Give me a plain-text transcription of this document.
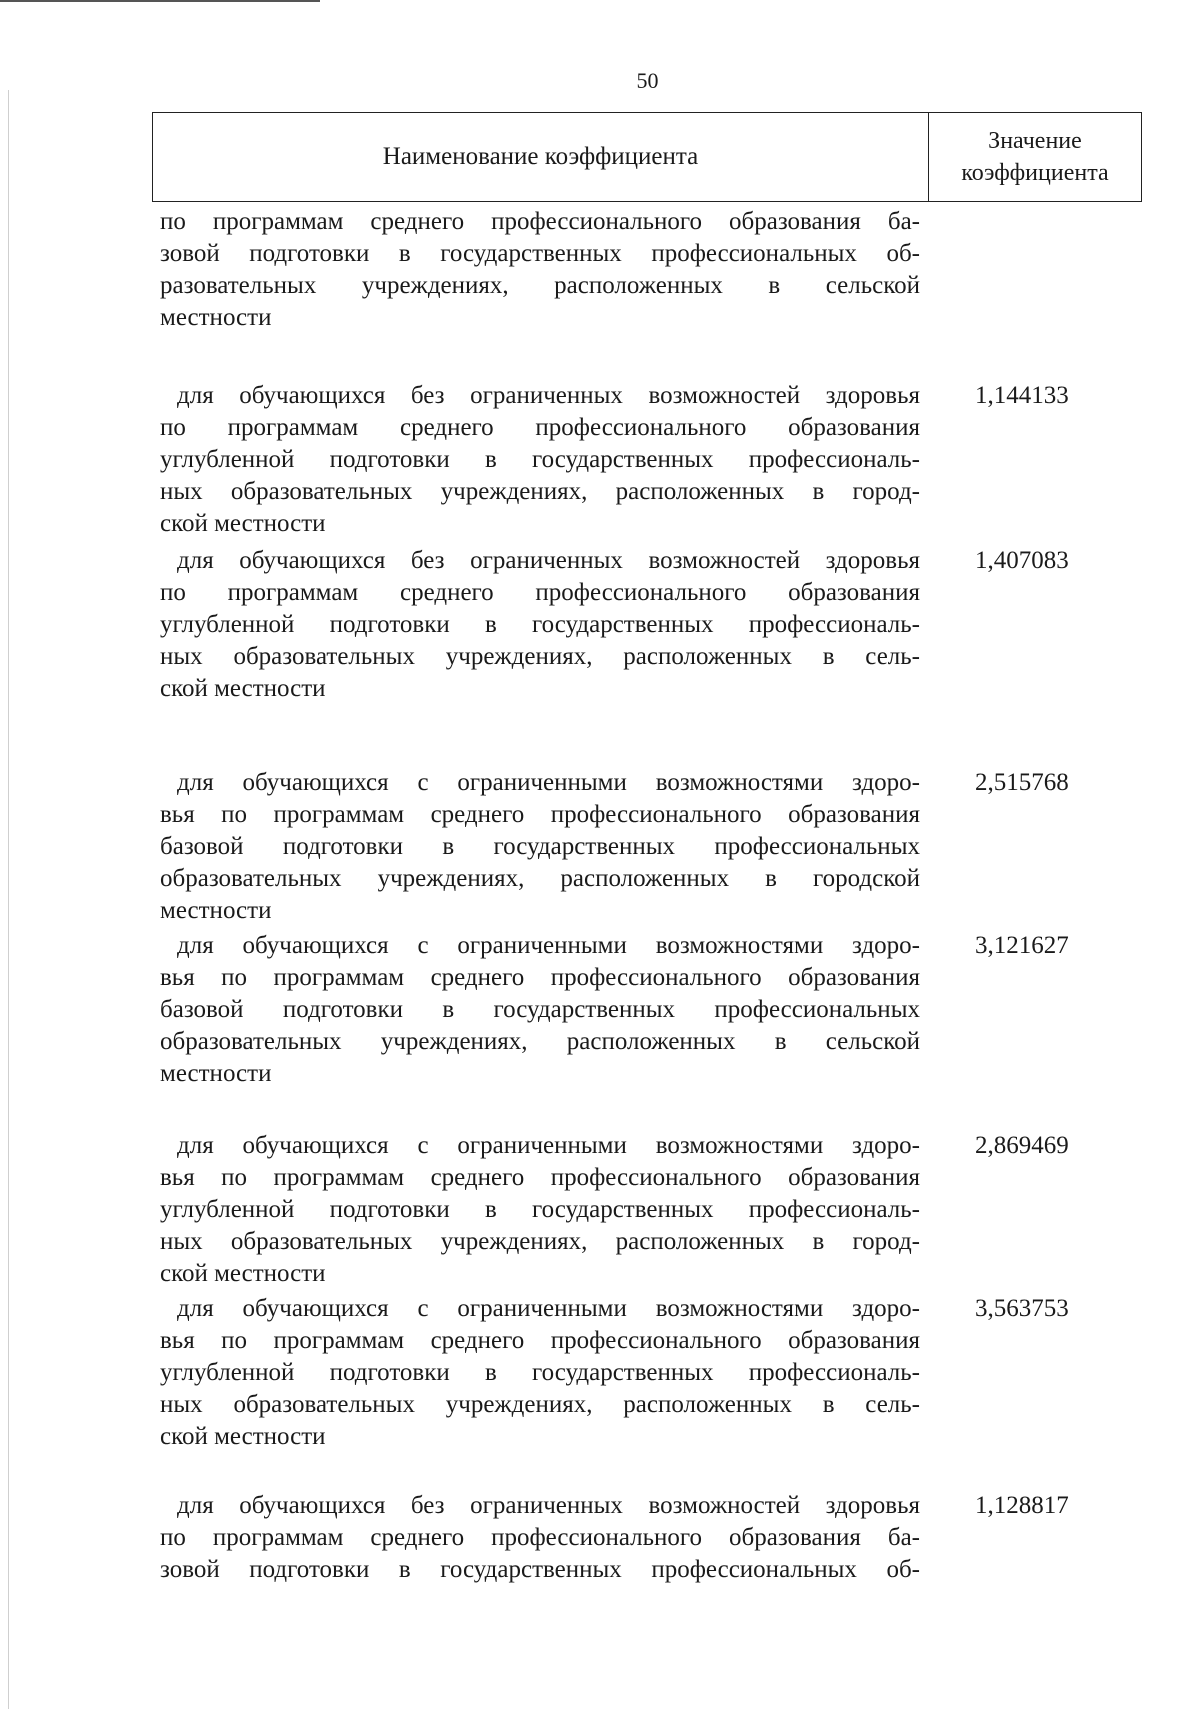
50
Наименование коэффициента
Значение
коэффициента
по программам среднего профессионального образования ба-
зовой подготовки в государственных профессиональных об-
разовательных учреждениях, расположенных в сельской
местности
для обучающихся без ограниченных возможностей здоровья
по программам среднего профессионального образования
углубленной подготовки в государственных профессиональ-
ных образовательных учреждениях, расположенных в город-
ской местности
1,144133
для обучающихся без ограниченных возможностей здоровья
по программам среднего профессионального образования
углубленной подготовки в государственных профессиональ-
ных образовательных учреждениях, расположенных в сель-
ской местности
1,407083
для обучающихся с ограниченными возможностями здоро-
вья по программам среднего профессионального образования
базовой подготовки в государственных профессиональных
образовательных учреждениях, расположенных в городской
местности
2,515768
для обучающихся с ограниченными возможностями здоро-
вья по программам среднего профессионального образования
базовой подготовки в государственных профессиональных
образовательных учреждениях, расположенных в сельской
местности
3,121627
для обучающихся с ограниченными возможностями здоро-
вья по программам среднего профессионального образования
углубленной подготовки в государственных профессиональ-
ных образовательных учреждениях, расположенных в город-
ской местности
2,869469
для обучающихся с ограниченными возможностями здоро-
вья по программам среднего профессионального образования
углубленной подготовки в государственных профессиональ-
ных образовательных учреждениях, расположенных в сель-
ской местности
3,563753
для обучающихся без ограниченных возможностей здоровья
по программам среднего профессионального образования ба-
зовой подготовки в государственных профессиональных об-
1,128817
